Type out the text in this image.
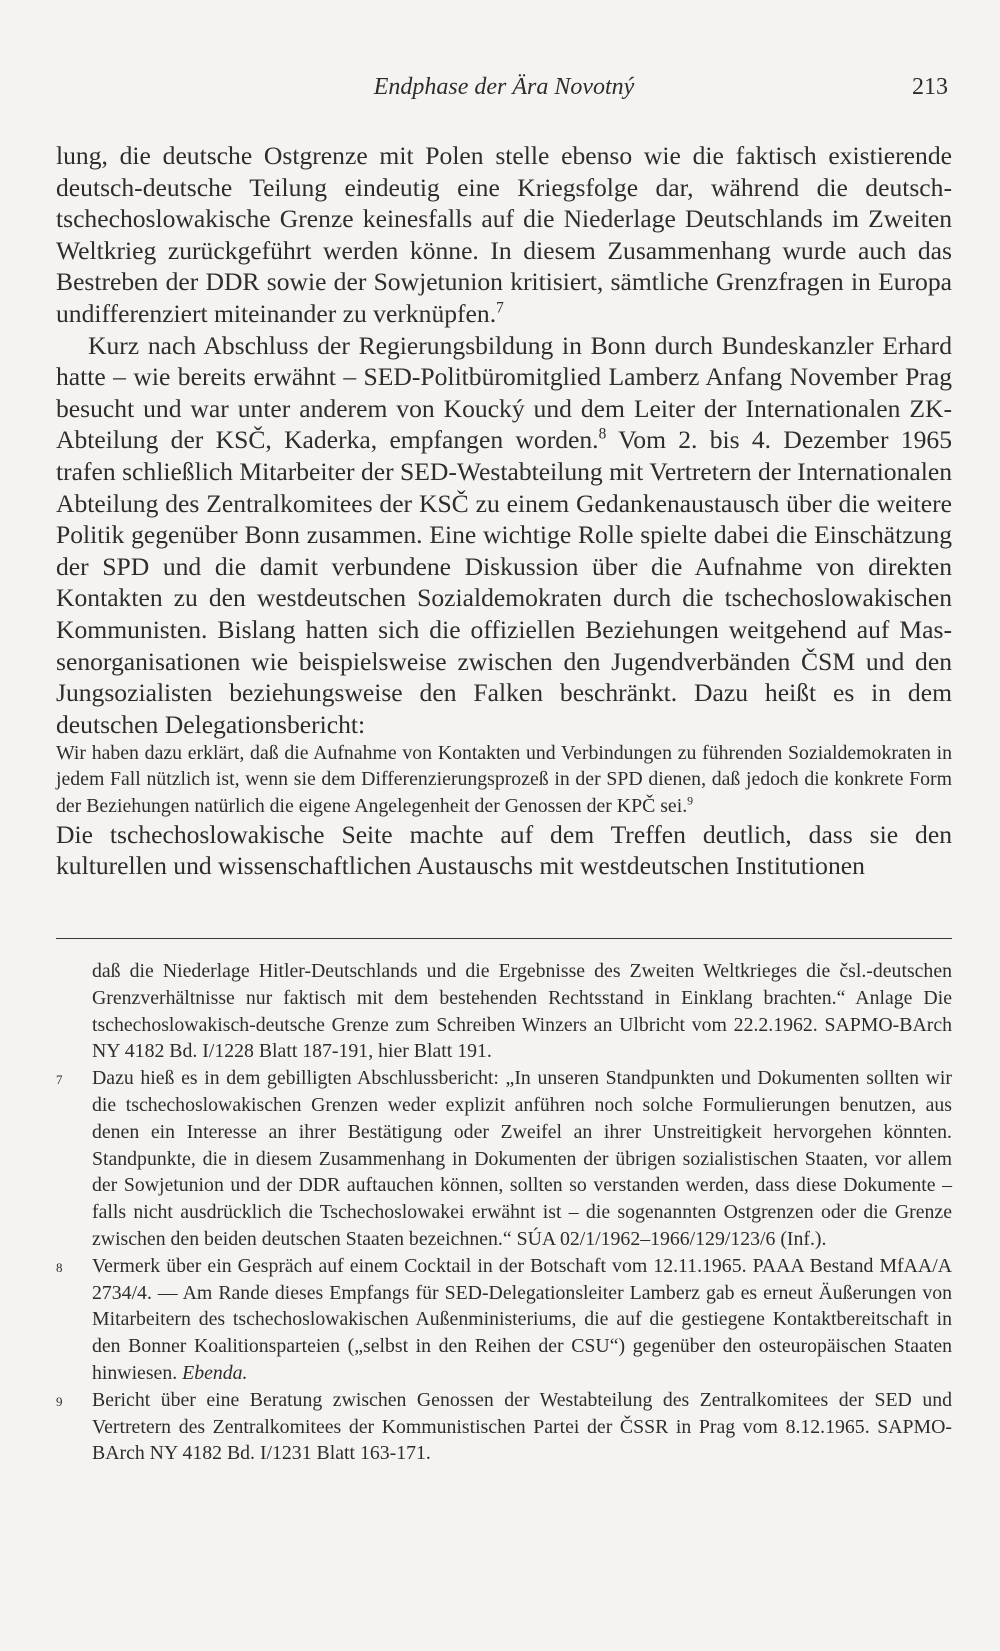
Endphase der Ära Novotný	213

lung, die deutsche Ostgrenze mit Polen stelle ebenso wie die faktisch existierende deutsch-deutsche Teilung eindeutig eine Kriegsfolge dar, während die deutsch-tschechoslowakische Grenze keinesfalls auf die Niederlage Deutschlands im Zweiten Weltkrieg zurückgeführt werden könne. In diesem Zusammenhang wurde auch das Bestreben der DDR sowie der Sowjetunion kritisiert, sämtliche Grenzfragen in Europa undifferenziert miteinander zu verknüpfen.$^7$

Kurz nach Abschluss der Regierungsbildung in Bonn durch Bundeskanzler Erhard hatte – wie bereits erwähnt – SED-Politbüromitglied Lamberz Anfang November Prag besucht und war unter anderem von Koucký und dem Leiter der Internationalen ZK-Abteilung der KSČ, Kaderka, empfangen worden.$^8$ Vom 2. bis 4. Dezember 1965 trafen schließlich Mitarbeiter der SED-Westabteilung mit Vertretern der Internationalen Abteilung des Zentralkomitees der KSČ zu einem Gedankenaustausch über die weitere Politik gegenüber Bonn zusammen. Eine wichtige Rolle spielte dabei die Einschätzung der SPD und die damit verbundene Diskussion über die Aufnahme von direkten Kontakten zu den westdeutschen Sozialdemokraten durch die tschechoslowakischen Kommunisten. Bislang hatten sich die offiziellen Beziehungen weitgehend auf Massenorganisationen wie beispielsweise zwischen den Jugendverbänden ČSM und den Jungsozialisten beziehungsweise den Falken beschränkt. Dazu heißt es in dem deutschen Delegationsbericht:

Wir haben dazu erklärt, daß die Aufnahme von Kontakten und Verbindungen zu führenden Sozialdemokraten in jedem Fall nützlich ist, wenn sie dem Differenzierungsprozeß in der SPD dienen, daß jedoch die konkrete Form der Beziehungen natürlich die eigene Angelegenheit der Genossen der KPČ sei.$^9$

Die tschechoslowakische Seite machte auf dem Treffen deutlich, dass sie den kulturellen und wissenschaftlichen Austauschs mit westdeutschen Institutionen

daß die Niederlage Hitler-Deutschlands und die Ergebnisse des Zweiten Weltkrieges die čsl.-deutschen Grenzverhältnisse nur faktisch mit dem bestehenden Rechtsstand in Einklang brachten.“ Anlage Die tschechoslowakisch-deutsche Grenze zum Schreiben Winzers an Ulbricht vom 22.2.1962. SAPMO-BArch NY 4182 Bd. I/1228 Blatt 187-191, hier Blatt 191.

7 Dazu hieß es in dem gebilligten Abschlussbericht: „In unseren Standpunkten und Dokumenten sollten wir die tschechoslowakischen Grenzen weder explizit anführen noch solche Formulierungen benutzen, aus denen ein Interesse an ihrer Bestätigung oder Zweifel an ihrer Unstreitigkeit hervorgehen könnten. Standpunkte, die in diesem Zusammenhang in Dokumenten der übrigen sozialistischen Staaten, vor allem der Sowjetunion und der DDR auftauchen können, sollten so verstanden werden, dass diese Dokumente – falls nicht ausdrücklich die Tschechoslowakei erwähnt ist – die sogenannten Ostgrenzen oder die Grenze zwischen den beiden deutschen Staaten bezeichnen.“ SÚA 02/1/1962–1966/129/123/6 (Inf.).

8 Vermerk über ein Gespräch auf einem Cocktail in der Botschaft vom 12.11.1965. PAAA Bestand MfAA/A 2734/4. — Am Rande dieses Empfangs für SED-Delegationsleiter Lamberz gab es erneut Äußerungen von Mitarbeitern des tschechoslowakischen Außenministeriums, die auf die gestiegene Kontaktbereitschaft in den Bonner Koalitionsparteien („selbst in den Reihen der CSU“) gegenüber den osteuropäischen Staaten hinwiesen. Ebenda.

9 Bericht über eine Beratung zwischen Genossen der Westabteilung des Zentralkomitees der SED und Vertretern des Zentralkomitees der Kommunistischen Partei der ČSSR in Prag vom 8.12.1965. SAPMO-BArch NY 4182 Bd. I/1231 Blatt 163-171.
